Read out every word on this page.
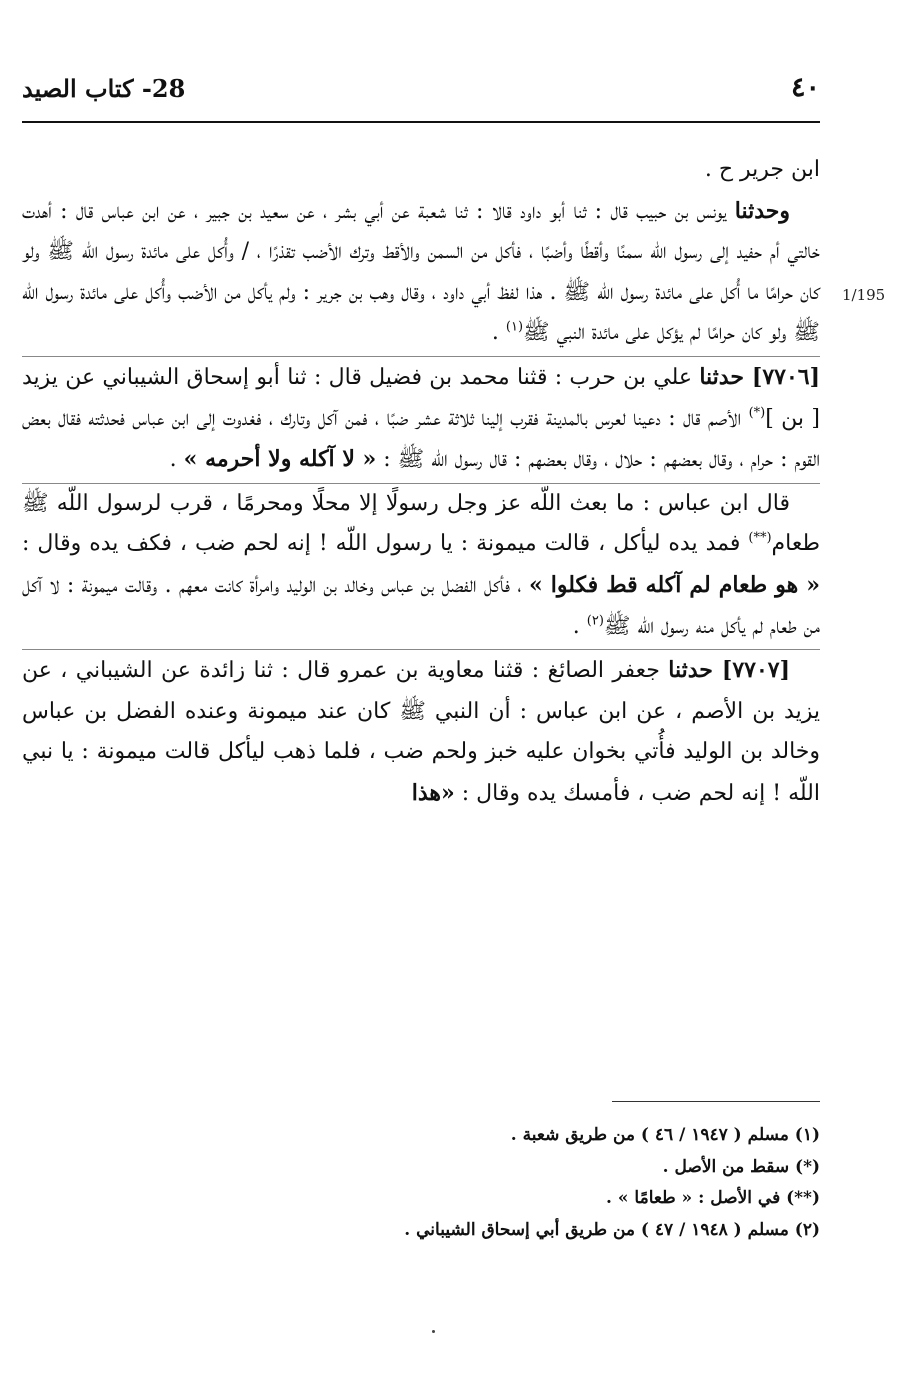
٤٠
28- كتاب الصيد
1/195

ابن جرير ح .

وحدثنا يونس بن حبيب قال : ثنا أبو داود قالا : ثنا شعبة عن أبي بشر ، عن سعيد بن جبير ، عن ابن عباس قال : أهدت خالتي أم حفيد إلى رسول اللّه سمنًا وأقطًا وأضبًا ، فأكل من السمن والأقط وترك الأضب تقذرًا ، / وأُكل على مائدة رسول اللّه ﷺ ولو كان حرامًا ما أُكل على مائدة رسول اللّه ﷺ . هذا لفظ أبي داود ، وقال وهب بن جرير : ولم يأكل من الأضب وأُكل على مائدة رسول اللّه ﷺ ولو كان حرامًا لم يؤكل على مائدة النبي ﷺ$^{(١)}$ .

[٧٧٠٦] حدثنا علي بن حرب : قثنا محمد بن فضيل قال : ثنا أبو إسحاق الشيباني عن يزيد [ بن ](*) الأصم قال : دعينا لعرس بالمدينة فقرب إلينا ثلاثة عشر ضبًا ، فمن آكل وتارك ، فغدوت إلى ابن عباس فحدثته فقال بعض القوم : حرام ، وقال بعضهم : حلال ، وقال بعضهم : قال رسول اللّه ﷺ : « لا آكله ولا أحرمه » .

قال ابن عباس : ما بعث اللّه عز وجل رسولًا إلا محلًا ومحرمًا ، قرب لرسول اللّه ﷺ طعام(**) فمد يده ليأكل ، قالت ميمونة : يا رسول اللّه ! إنه لحم ضب ، فكف يده وقال : « هو طعام لم آكله قط فكلوا » ، فأكل الفضل بن عباس وخالد بن الوليد وامرأة كانت معهم . وقالت ميمونة : لا آكل من طعام لم يأكل منه رسول اللّه ﷺ$^{(٢)}$ .

[٧٧٠٧] حدثنا جعفر الصائغ : قثنا معاوية بن عمرو قال : ثنا زائدة عن الشيباني ، عن يزيد بن الأصم ، عن ابن عباس : أن النبي ﷺ كان عند ميمونة وعنده الفضل بن عباس وخالد بن الوليد فأُتي بخوان عليه خبز ولحم ضب ، فلما ذهب ليأكل قالت ميمونة : يا نبي اللّه ! إنه لحم ضب ، فأمسك يده وقال : «هذا

(١) مسلم ( ١٩٤٧ / ٤٦ ) من طريق شعبة .

(*) سقط من الأصل .

(**) في الأصل : « طعامًا » .

(٢) مسلم ( ١٩٤٨ / ٤٧ ) من طريق أبي إسحاق الشيباني .
